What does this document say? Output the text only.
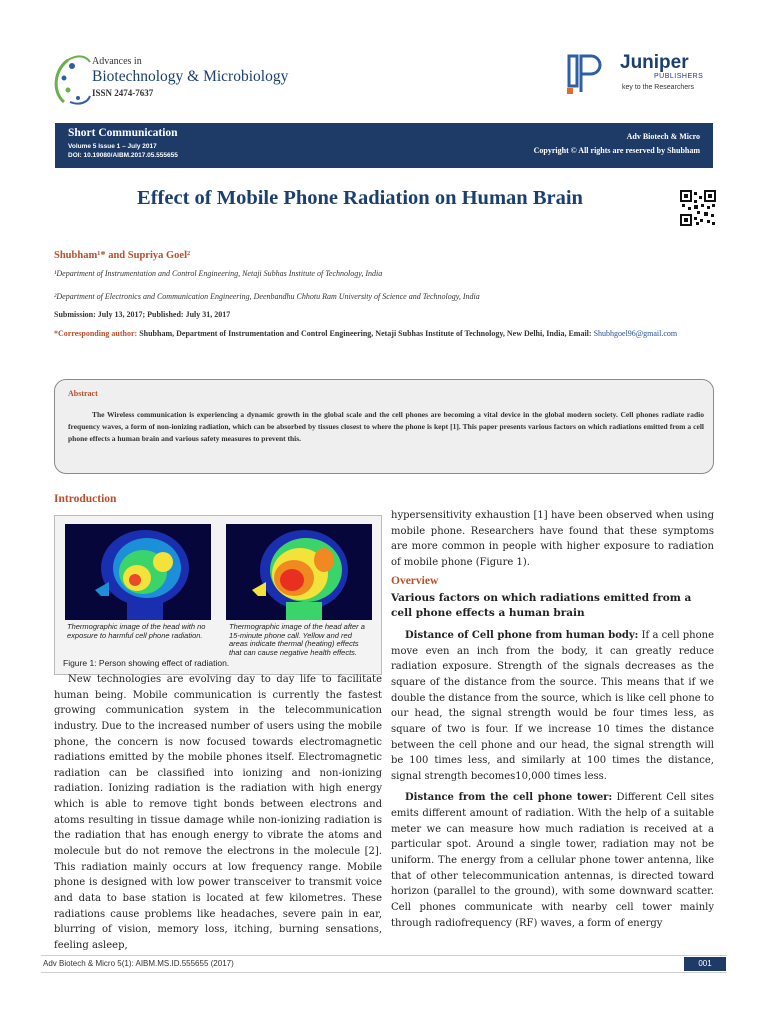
Advances in
Biotechnology & Microbiology
ISSN 2474-7637
Juniper
PUBLISHERS
key to the Researchers
Short Communication
Volume 5 Issue 1 – July 2017
DOI: 10.19080/AIBM.2017.05.555655
Adv Biotech & Micro
Copyright © All rights are reserved by Shubham
Effect of Mobile Phone Radiation on Human Brain
Shubham¹* and Supriya Goel²
¹Department of Instrumentation and Control Engineering, Netaji Subhas Institute of Technology, India
²Department of Electronics and Communication Engineering, Deenbandhu Chhotu Ram University of Science and Technology, India
Submission: July 13, 2017; Published: July 31, 2017
*Corresponding author: Shubham, Department of Instrumentation and Control Engineering, Netaji Subhas Institute of Technology, New Delhi, India, Email: Shubhgoel96@gmail.com
Abstract
The Wireless communication is experiencing a dynamic growth in the global scale and the cell phones are becoming a vital device in the global modern society. Cell phones radiate radio frequency waves, a form of non-ionizing radiation, which can be absorbed by tissues closest to where the phone is kept [1]. This paper presents various factors on which radiations emitted from a cell phone effects a human brain and various safety measures to prevent this.
Introduction
Thermographic image of the head with no exposure to harmful cell phone radiation.
Thermographic image of the head after a 15-minute phone call. Yellow and red areas indicate thermal (heating) effects that can cause negative health effects.
Figure 1: Person showing effect of radiation.
New technologies are evolving day to day life to facilitate human being. Mobile communication is currently the fastest growing communication system in the telecommunication industry. Due to the increased number of users using the mobile phone, the concern is now focused towards electromagnetic radiations emitted by the mobile phones itself. Electromagnetic radiation can be classified into ionizing and non-ionizing radiation. Ionizing radiation is the radiation with high energy which is able to remove tight bonds between electrons and atoms resulting in tissue damage while non-ionizing radiation is the radiation that has enough energy to vibrate the atoms and molecule but do not remove the electrons in the molecule [2]. This radiation mainly occurs at low frequency range. Mobile phone is designed with low power transceiver to transmit voice and data to base station is located at few kilometres. These radiations cause problems like headaches, severe pain in ear, blurring of vision, memory loss, itching, burning sensations, feeling asleep,

hypersensitivity exhaustion [1] have been observed when using mobile phone. Researchers have found that these symptoms are more common in people with higher exposure to radiation of mobile phone (Figure 1).

Overview
Various factors on which radiations emitted from a cell phone effects a human brain

Distance of Cell phone from human body: If a cell phone move even an inch from the body, it can greatly reduce radiation exposure. Strength of the signals decreases as the square of the distance from the source. This means that if we double the distance from the source, which is like cell phone to our head, the signal strength would be four times less, as square of two is four. If we increase 10 times the distance between the cell phone and our head, the signal strength will be 100 times less, and similarly at 100 times the distance, signal strength becomes10,000 times less.

Distance from the cell phone tower: Different Cell sites emits different amount of radiation. With the help of a suitable meter we can measure how much radiation is received at a particular spot. Around a single tower, radiation may not be uniform. The energy from a cellular phone tower antenna, like that of other telecommunication antennas, is directed toward horizon (parallel to the ground), with some downward scatter. Cell phones communicate with nearby cell tower mainly through radiofrequency (RF) waves, a form of energy

Adv Biotech & Micro 5(1): AIBM.MS.ID.555655 (2017)	001
